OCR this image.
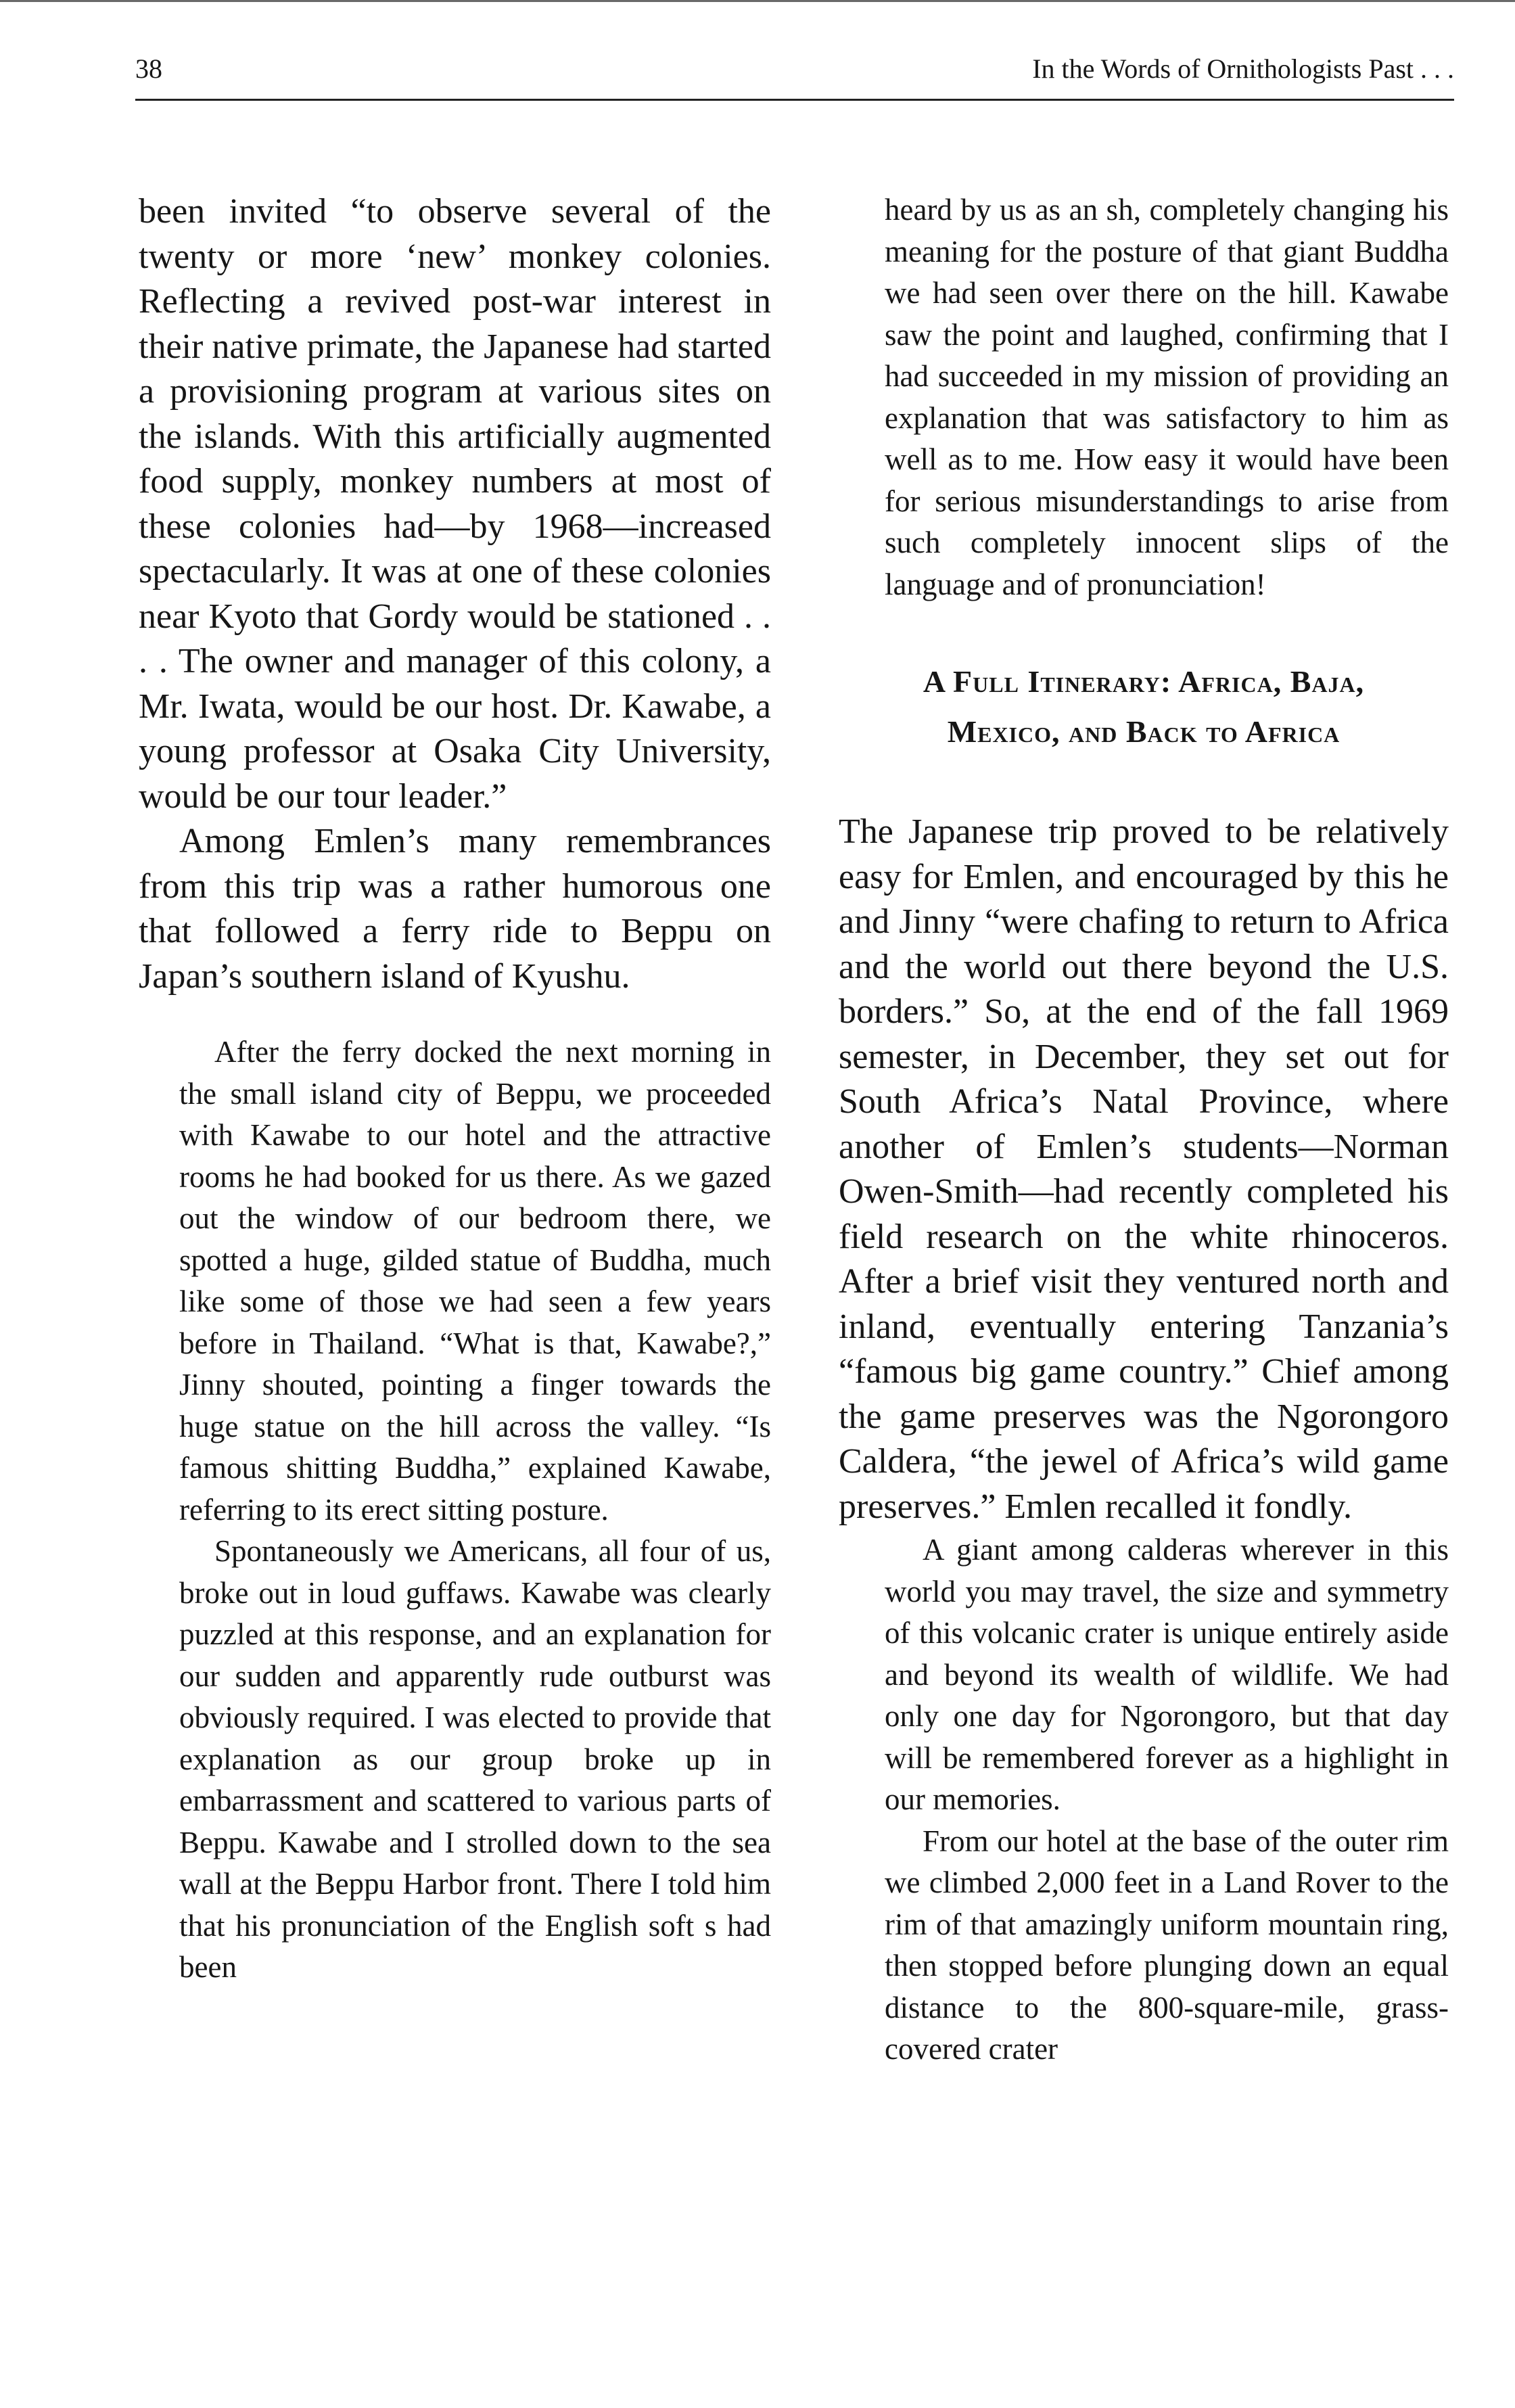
38	In the Words of Ornithologists Past . . .

been invited “to observe several of the twenty or more ‘new’ monkey colonies. Reflecting a revived post-war interest in their native primate, the Japanese had started a provisioning program at various sites on the islands. With this artificially augmented food supply, monkey numbers at most of these colonies had—by 1968—increased spectacularly. It was at one of these colonies near Kyoto that Gordy would be stationed . . . . The owner and manager of this colony, a Mr. Iwata, would be our host. Dr. Kawabe, a young professor at Osaka City University, would be our tour leader.”

Among Emlen’s many remembrances from this trip was a rather humorous one that followed a ferry ride to Beppu on Japan’s southern island of Kyushu.

After the ferry docked the next morning in the small island city of Beppu, we proceeded with Kawabe to our hotel and the attractive rooms he had booked for us there. As we gazed out the window of our bedroom there, we spotted a huge, gilded statue of Buddha, much like some of those we had seen a few years before in Thailand. “What is that, Kawabe?,” Jinny shouted, pointing a finger towards the huge statue on the hill across the valley. “Is famous shitting Buddha,” explained Kawabe, referring to its erect sitting posture.

Spontaneously we Americans, all four of us, broke out in loud guffaws. Kawabe was clearly puzzled at this response, and an explanation for our sudden and apparently rude outburst was obviously required. I was elected to provide that explanation as our group broke up in embarrassment and scattered to various parts of Beppu. Kawabe and I strolled down to the sea wall at the Beppu Harbor front. There I told him that his pronunciation of the English soft s had been

heard by us as an sh, completely changing his meaning for the posture of that giant Buddha we had seen over there on the hill. Kawabe saw the point and laughed, confirming that I had succeeded in my mission of providing an explanation that was satisfactory to him as well as to me. How easy it would have been for serious misunderstandings to arise from such completely innocent slips of the language and of pronunciation!

A Full Itinerary: Africa, Baja,
Mexico, and Back to Africa

The Japanese trip proved to be relatively easy for Emlen, and encouraged by this he and Jinny “were chafing to return to Africa and the world out there beyond the U.S. borders.” So, at the end of the fall 1969 semester, in December, they set out for South Africa’s Natal Province, where another of Emlen’s students—Norman Owen-Smith—had recently completed his field research on the white rhinoceros. After a brief visit they ventured north and inland, eventually entering Tanzania’s “famous big game country.” Chief among the game preserves was the Ngorongoro Caldera, “the jewel of Africa’s wild game preserves.” Emlen recalled it fondly.

A giant among calderas wherever in this world you may travel, the size and symmetry of this volcanic crater is unique entirely aside and beyond its wealth of wildlife. We had only one day for Ngorongoro, but that day will be remembered forever as a highlight in our memories.

From our hotel at the base of the outer rim we climbed 2,000 feet in a Land Rover to the rim of that amazingly uniform mountain ring, then stopped before plunging down an equal distance to the 800-square-mile, grass-covered crater
